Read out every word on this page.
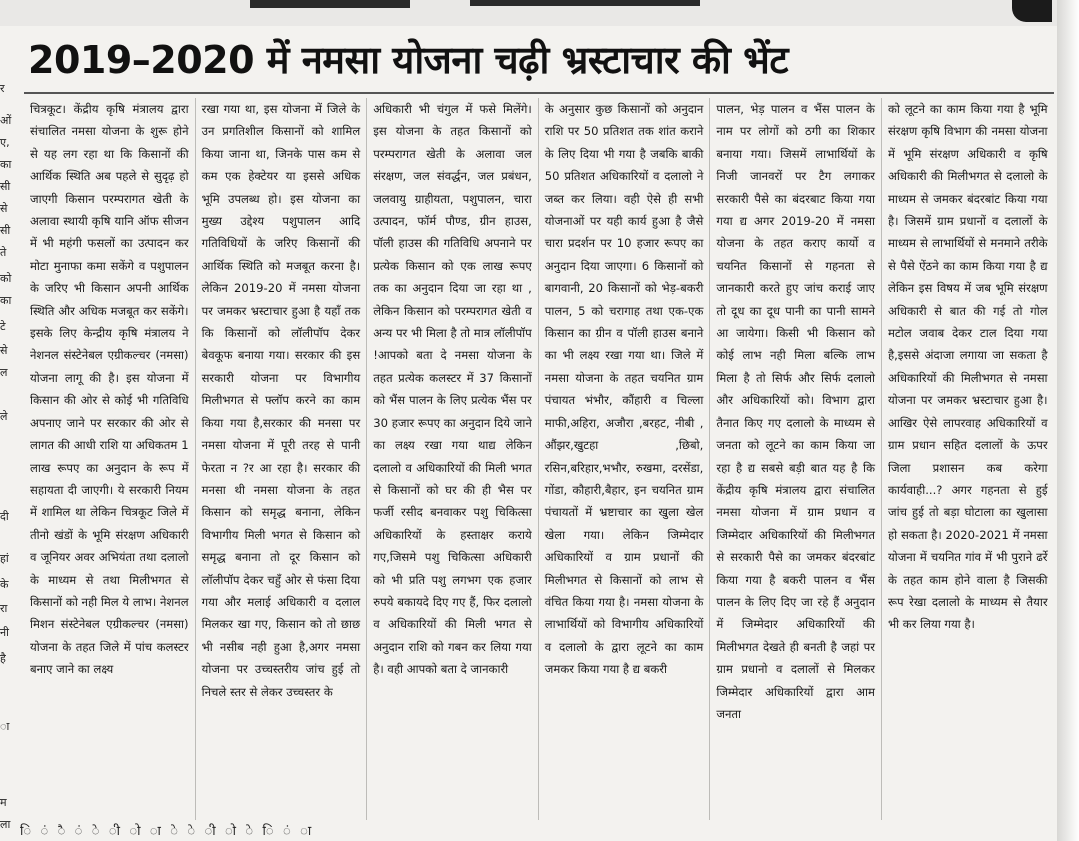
र
ओं
ए,
का
सी
से
सी
ते
को
का
टे
से
ल
ले
दी
हां
के
रा
नी
है
ा
म
ला
2019–2020 में नमसा योजना चढ़ी भ्रस्टाचार की भेंट
चित्रकूट। केंद्रीय कृषि मंत्रालय द्वारा संचालित नमसा योजना के शुरू होने से यह लग रहा था कि किसानों की आर्थिक स्थिति अब पहले से सुदृढ़ हो जाएगी किसान परम्परागत खेती के अलावा स्थायी कृषि यानि ऑफ सीजन में भी महंगी फसलों का उत्पादन कर मोटा मुनाफा कमा सकेंगे व पशुपालन के जरिए भी किसान अपनी आर्थिक स्थिति और अधिक मजबूत कर सकेंगे। इसके लिए केन्द्रीय कृषि मंत्रालय ने नेशनल संस्टेनेबल एग्रीकल्चर (नमसा) योजना लागू की है। इस योजना में किसान की ओर से कोई भी गतिविधि अपनाए जाने पर सरकार की ओर से लागत की आधी राशि या अधिकतम 1 लाख रूपए का अनुदान के रूप में सहायता दी जाएगी। ये सरकारी नियम में शामिल था लेकिन चित्रकूट जिले में तीनो खंडों के भूमि संरक्षण अधिकारी व जूनियर अवर अभियंता तथा दलालो के माध्यम से तथा मिलीभगत से किसानों को नही मिल ये लाभ। नेशनल मिशन संस्टेनेबल एग्रीकल्चर (नमसा) योजना के तहत जिले में पांच कलस्टर बनाए जाने का लक्ष्य
रखा गया था, इस योजना में जिले के उन प्रगतिशील किसानों को शामिल किया जाना था, जिनके पास कम से कम एक हेक्टेयर या इससे अधिक भूमि उपलब्ध हो। इस योजना का मुख्य उद्देश्य पशुपालन आदि गतिविधियों के जरिए किसानों की आर्थिक स्थिति को मजबूत करना है। लेकिन 2019-20 में नमसा योजना पर जमकर भ्रस्टाचार हुआ है यहाँ तक कि किसानों को लॉलीपॉप देकर बेवकूफ बनाया गया। सरकार की इस सरकारी योजना पर विभागीय मिलीभगत से फ्लॉप करने का काम किया गया है,सरकार की मनसा पर नमसा योजना में पूरी तरह से पानी फेरता न ?र आ रहा है। सरकार की मनसा थी नमसा योजना के तहत किसान को समृद्ध बनाना, लेकिन विभागीय मिली भगत से किसान को समृद्ध बनाना तो दूर किसान को लॉलीपॉप देकर चहुँ ओर से फंसा दिया गया और मलाई अधिकारी व दलाल मिलकर खा गए, किसान को तो छाछ भी नसीब नही हुआ है,अगर नमसा योजना पर उच्चस्तरीय जांच हुई तो निचले स्तर से लेकर उच्चस्तर के
अधिकारी भी चंगुल में फसे मिलेंगे। इस योजना के तहत किसानों को परम्परागत खेती के अलावा जल संरक्षण, जल संवर्द्धन, जल प्रबंधन, जलवायु ग्राहीयता, पशुपालन, चारा उत्पादन, फॉर्म पौण्ड, ग्रीन हाउस, पॉली हाउस की गतिविधि अपनाने पर प्रत्येक किसान को एक लाख रूपए तक का अनुदान दिया जा रहा था , लेकिन किसान को परम्परागत खेती व अन्य पर भी मिला है तो मात्र लॉलीपॉप !आपको बता दे नमसा योजना के तहत प्रत्येक कलस्टर में 37 किसानों को भैंस पालन के लिए प्रत्येक भैंस पर 30 हजार रूपए का अनुदान दिये जाने का लक्ष्य रखा गया थाद्य लेकिन दलालो व अधिकारियों की मिली भगत से किसानों को घर की ही भैस पर फर्जी रसीद बनवाकर पशु चिकित्सा अधिकारियों के हस्ताक्षर कराये गए,जिसमे पशु चिकित्सा अधिकारी को भी प्रति पशु लगभग एक हजार रुपये बकायदे दिए गए हैं, फिर दलालो व अधिकारियों की मिली भगत से अनुदान राशि को गबन कर लिया गया है। वही आपको बता दे जानकारी
के अनुसार कुछ किसानों को अनुदान राशि पर 50 प्रतिशत तक शांत कराने के लिए दिया भी गया है जबकि बाकी 50 प्रतिशत अधिकारियों व दलालो ने जब्त कर लिया। वही ऐसे ही सभी योजनाओं पर यही कार्य हुआ है जैसे चारा प्रदर्शन पर 10 हजार रूपए का अनुदान दिया जाएगा। 6 किसानों को बागवानी, 20 किसानों को भेड़-बकरी पालन, 5 को चरागाह तथा एक-एक किसान का ग्रीन व पॉली हाउस बनाने का भी लक्ष्य रखा गया था। जिले में नमसा योजना के तहत चयनित ग्राम पंचायत भंभौर, कौंहारी व चिल्ला माफी,अहिरा, अजौरा ,बरहट, नीबी , औंझर,खुटहा ,छिबो, रसिन,बरिहार,भभौर, रुखमा, दरसेंडा, गोंडा, कौहारी,बैहार, इन चयनित ग्राम पंचायतों में भ्रष्टाचार का खुला खेल खेला गया। लेकिन जिम्मेदार अधिकारियों व ग्राम प्रधानों की मिलीभगत से किसानों को लाभ से वंचित किया गया है। नमसा योजना के लाभार्थियों को विभागीय अधिकारियों व दलालो के द्वारा लूटने का काम जमकर किया गया है द्य बकरी
पालन, भेड़ पालन व भैंस पालन के नाम पर लोगों को ठगी का शिकार बनाया गया। जिसमें लाभार्थियों के निजी जानवरों पर टैग लगाकर सरकारी पैसे का बंदरबाट किया गया गया द्य अगर 2019-20 में नमसा योजना के तहत कराए कार्यो व चयनित किसानों से गहनता से जानकारी करते हुए जांच कराई जाए तो दूध का दूध पानी का पानी सामने आ जायेगा। किसी भी किसान को कोई लाभ नही मिला बल्कि लाभ मिला है तो सिर्फ और सिर्फ दलालो और अधिकारियों को। विभाग द्वारा तैनात किए गए दलालो के माध्यम से जनता को लूटने का काम किया जा रहा है द्य सबसे बड़ी बात यह है कि केंद्रीय कृषि मंत्रालय द्वारा संचालित नमसा योजना में ग्राम प्रधान व जिम्मेदार अधिकारियों की मिलीभगत से सरकारी पैसे का जमकर बंदरबांट किया गया है बकरी पालन व भैंस पालन के लिए दिए जा रहे हैं अनुदान में जिम्मेदार अधिकारियों की मिलीभगत देखते ही बनती है जहां पर ग्राम प्रधानो व दलालों से मिलकर जिम्मेदार अधिकारियों द्वारा आम जनता
को लूटने का काम किया गया है भूमि संरक्षण कृषि विभाग की नमसा योजना में भूमि संरक्षण अधिकारी व कृषि अधिकारी की मिलीभगत से दलालो के माध्यम से जमकर बंदरबांट किया गया है। जिसमें ग्राम प्रधानों व दलालों के माध्यम से लाभार्थियों से मनमाने तरीके से पैसे ऐंठने का काम किया गया है द्य लेकिन इस विषय में जब भूमि संरक्षण अधिकारी से बात की गई तो गोल मटोल जवाब देकर टाल दिया गया है,इससे अंदाजा लगाया जा सकता है अधिकारियों की मिलीभगत से नमसा योजना पर जमकर भ्रस्टाचार हुआ है। आखिर ऐसे लापरवाह अधिकारियों व ग्राम प्रधान सहित दलालों के ऊपर जिला प्रशासन कब करेगा कार्यवाही...? अगर गहनता से हुई जांच हुई तो बड़ा घोटाला का खुलासा हो सकता है। 2020-2021 में नमसा योजना में चयनित गांव में भी पुराने ढर्रे के तहत काम होने वाला है जिसकी रूप रेखा दलालो के माध्यम से तैयार भी कर लिया गया है।
ि ं ै ं े ी ो ा े े ी ो े ि ं ा
